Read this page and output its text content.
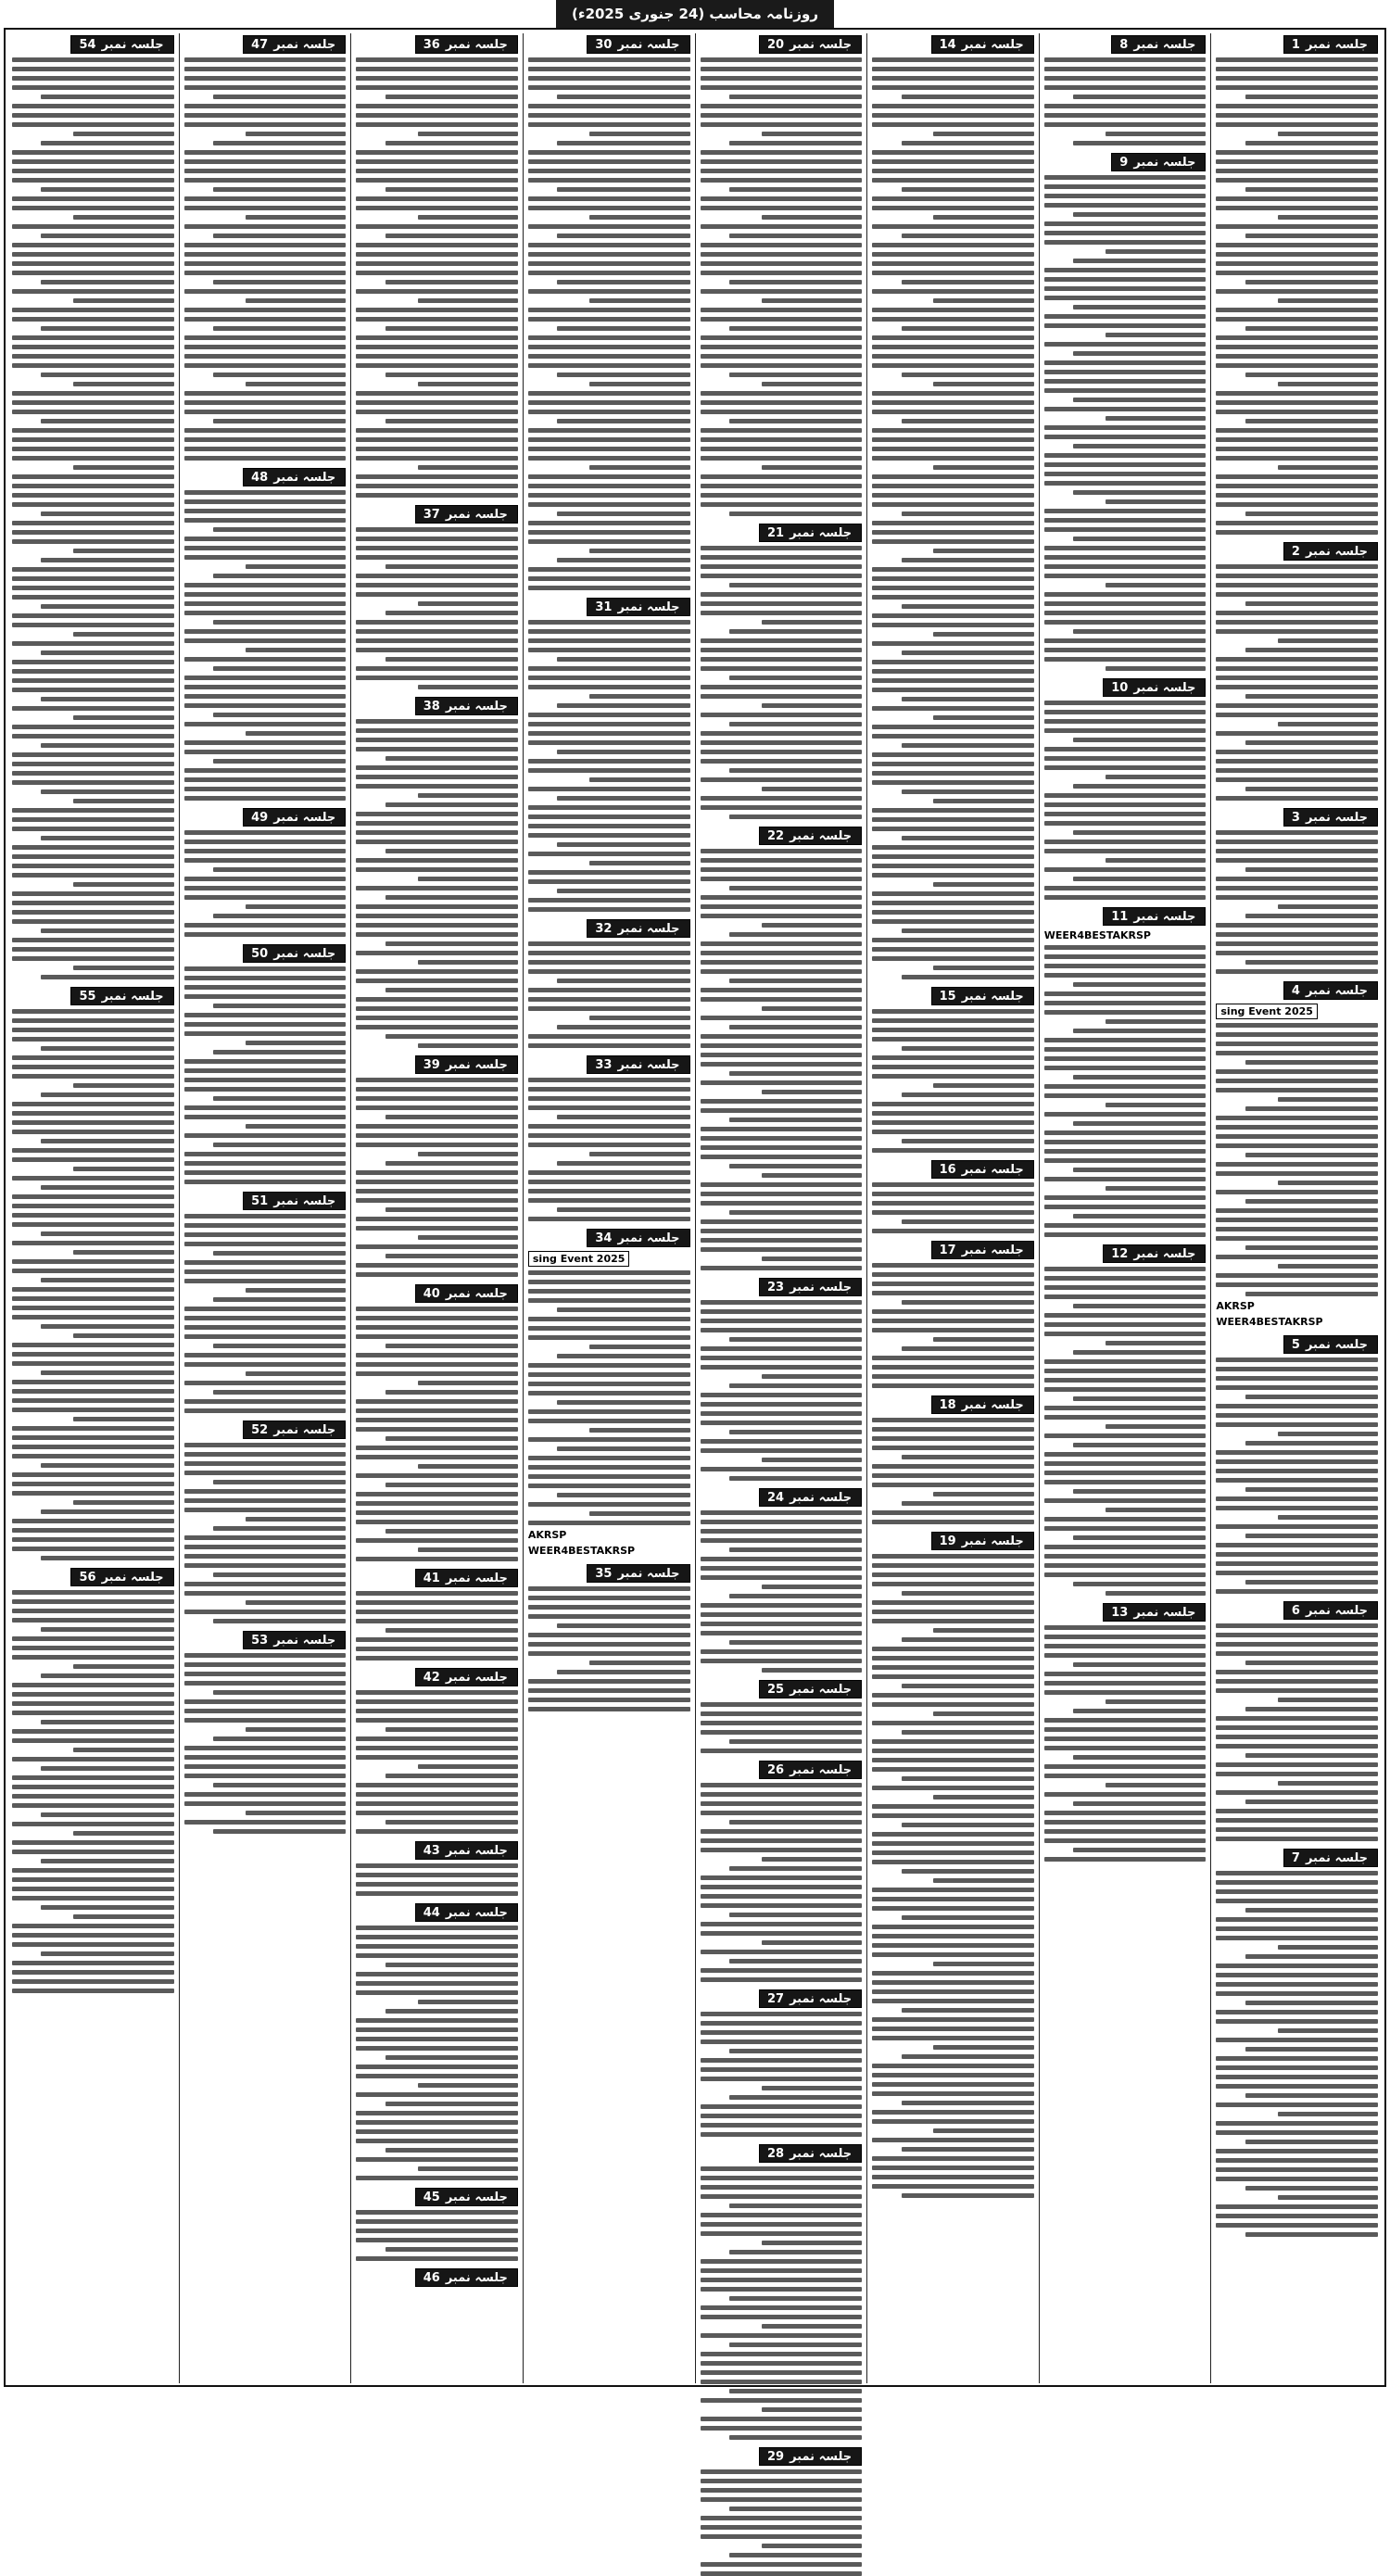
روزنامہ محاسب (24 جنوری 2025ء)
جلسہ نمبر
1
جلسہ نمبر
2
جلسہ نمبر
3
جلسہ نمبر
4
sing Event 2025
AKRSP
WEER4BESTAKRSP
جلسہ نمبر
5
جلسہ نمبر
6
جلسہ نمبر
7
جلسہ نمبر
8
جلسہ نمبر
9
جلسہ نمبر
10
جلسہ نمبر
11
WEER4BESTAKRSP
جلسہ نمبر
12
جلسہ نمبر
13
جلسہ نمبر
14
جلسہ نمبر
15
جلسہ نمبر
16
جلسہ نمبر
17
جلسہ نمبر
18
جلسہ نمبر
19
جلسہ نمبر
20
جلسہ نمبر
21
جلسہ نمبر
22
جلسہ نمبر
23
جلسہ نمبر
24
جلسہ نمبر
25
جلسہ نمبر
26
جلسہ نمبر
27
جلسہ نمبر
28
جلسہ نمبر
29
جلسہ نمبر
30
جلسہ نمبر
31
جلسہ نمبر
32
جلسہ نمبر
33
جلسہ نمبر
34
sing Event 2025
AKRSP
WEER4BESTAKRSP
جلسہ نمبر
35
جلسہ نمبر
36
جلسہ نمبر
37
جلسہ نمبر
38
جلسہ نمبر
39
جلسہ نمبر
40
جلسہ نمبر
41
جلسہ نمبر
42
جلسہ نمبر
43
جلسہ نمبر
44
جلسہ نمبر
45
جلسہ نمبر
46
جلسہ نمبر
47
جلسہ نمبر
48
جلسہ نمبر
49
جلسہ نمبر
50
جلسہ نمبر
51
جلسہ نمبر
52
جلسہ نمبر
53
جلسہ نمبر
54
جلسہ نمبر
55
جلسہ نمبر
56
